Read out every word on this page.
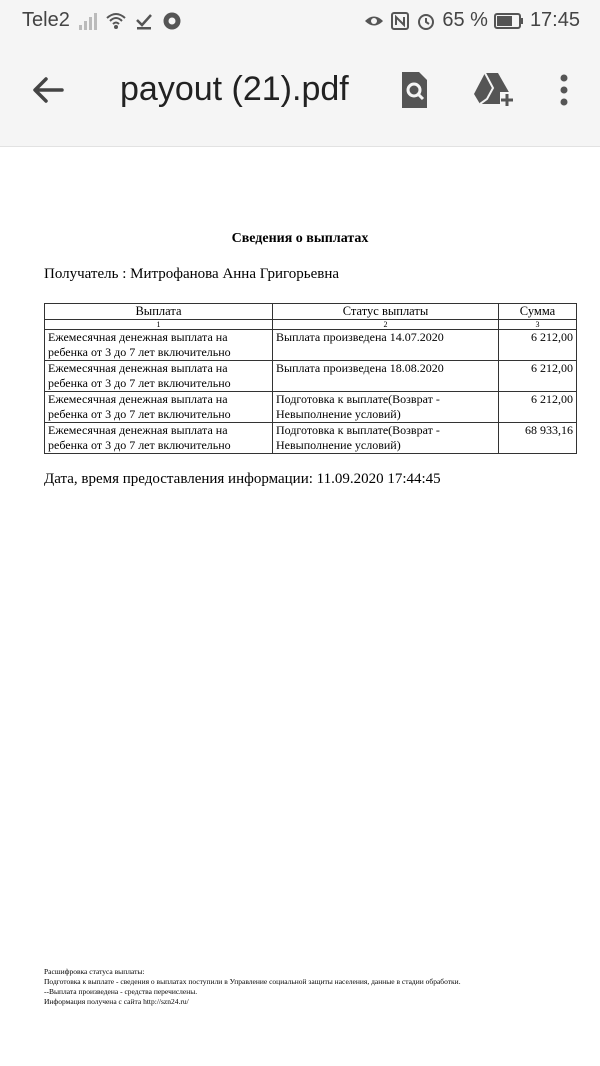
Tele2	65 % 17:45
payout (21).pdf
Сведения о выплатах
Получатель : Митрофанова Анна Григорьевна
Выплата	Статус выплаты	Сумма
1	2	3
Ежемесячная денежная выплата на
ребенка от 3 до 7 лет включительно	Выплата произведена 14.07.2020	6 212,00
Ежемесячная денежная выплата на
ребенка от 3 до 7 лет включительно	Выплата произведена 18.08.2020	6 212,00
Ежемесячная денежная выплата на
ребенка от 3 до 7 лет включительно	Подготовка к выплате(Возврат -
Невыполнение условий)	6 212,00
Ежемесячная денежная выплата на
ребенка от 3 до 7 лет включительно	Подготовка к выплате(Возврат -
Невыполнение условий)	68 933,16
Дата, время предоставления информации: 11.09.2020 17:44:45
Расшифровка статуса выплаты:
Подготовка к выплате - сведения о выплатах поступили в Управление социальной защиты населения, данные в стадии обработки.
--Выплата произведена - средства перечислены.
Информация получена с сайта http://szn24.ru/
